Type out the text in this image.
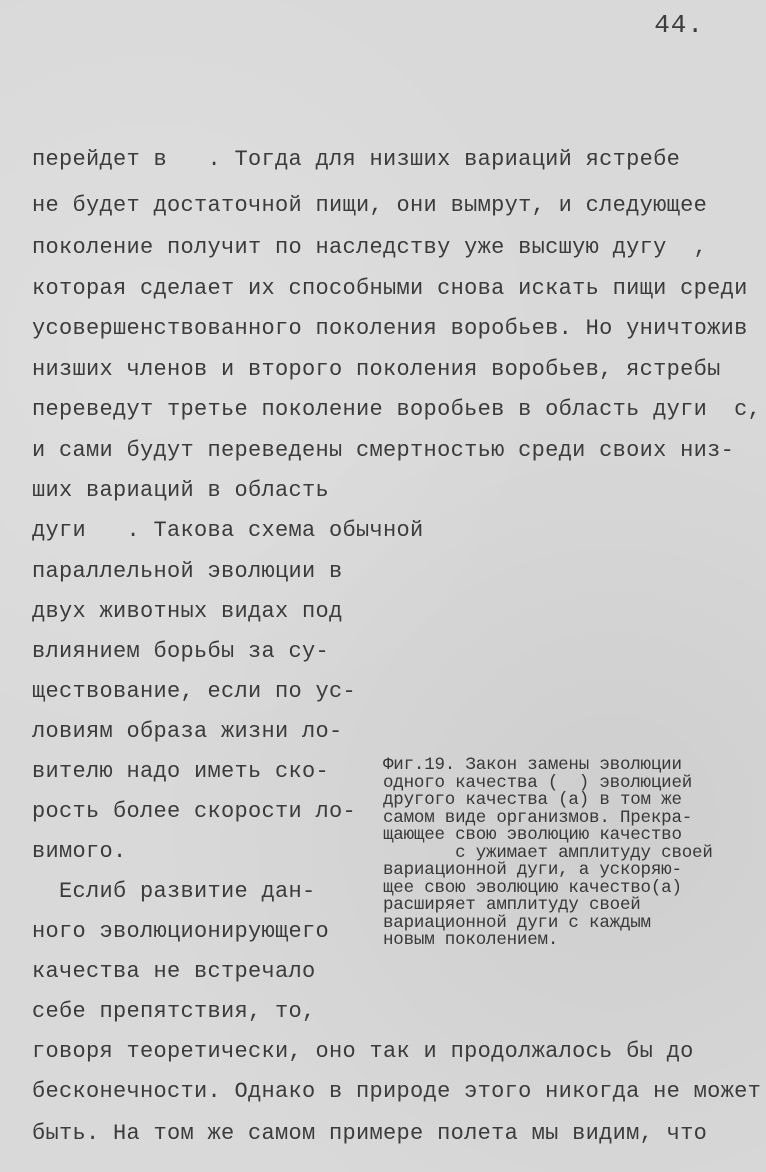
44.
перейдет в   . Тогда для низших вариаций ястребе
не будет достаточной пищи, они вымрут, и следующее
поколение получит по наследству уже высшую дугу  ,
которая сделает их способными снова искать пищи среди
усовершенствованного поколения воробьев. Но уничтожив
низших членов и второго поколения воробьев, ястребы
переведут третье поколение воробьев в область дуги  с,
и сами будут переведены смертностью среди своих низ-
ших вариаций в область
дуги   . Такова схема обычной
параллельной эволюции в
двух животных видах под
влиянием борьбы за су-
ществование, если по ус-
ловиям образа жизни ло-
вителю надо иметь ско-
рость более скорости ло-
вимого.
Еслиб развитие дан-
ного эволюционирующего
качества не встречало
себе препятствия, то,
говоря теоретически, оно так и продолжалось бы до
бесконечности. Однако в природе этого никогда не может
быть. На том же самом примере полета мы видим, что
Фиг.19. Закон замены эволюции
одного качества (  ) эволюцией
другого качества (а) в том же
самом виде организмов. Прекра-
щающее свою эволюцию качество
с ужимает амплитуду своей
вариационной дуги, а ускоряю-
щее свою эволюцию качество(а)
расширяет амплитуду своей
вариационной дуги с каждым
новым поколением.
